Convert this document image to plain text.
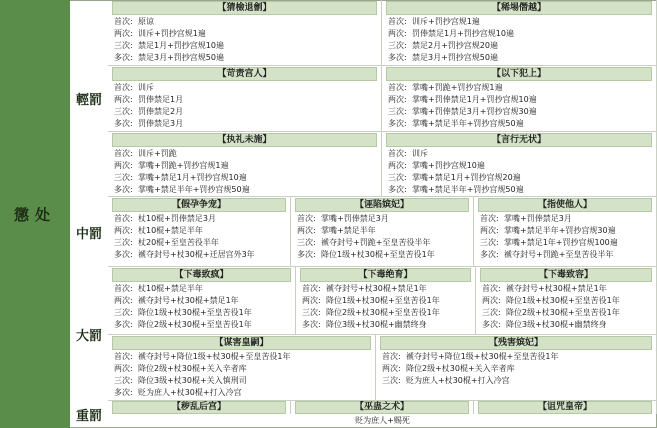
懲处
輕罰
中罰
大罰
重罰
【猜檢退劊】
首次: 原谅
两次: 训斥+罚抄宫规1遍
三次: 禁足1月+罚抄宫规10遍
多次: 禁足3月+罚抄宫规50遍
【稀埸僭越】
首次: 训斥+罚抄宫规1遍
两次: 罚俸禁足1月+罚抄宫规10遍
三次: 禁足2月+罚抄宫规20遍
多次: 禁足3月+罚抄宫规50遍
【苛责宫人】
首次: 训斥
两次: 罚俸禁足1月
三次: 罚俸禁足2月
多次: 罚俸禁足3月
【以下犯上】
首次: 掌嘴+罚跪+罚抄宫规1遍
两次: 掌嘴+罚俸禁足1月+罚抄宫规10遍
三次: 掌嘴+罚俸禁足3月+罚抄宫规30遍
多次: 掌嘴+禁足半年+罚抄宫规50遍
【执礼未施】
首次: 训斥+罚跪
两次: 掌嘴+罚跪+罚抄宫规1遍
三次: 掌嘴+禁足1月+罚抄宫规10遍
多次: 掌嘴+禁足半年+罚抄宫规50遍
【言行无状】
首次: 训斥
两次: 掌嘴+罚抄宫规10遍
三次: 掌嘴+禁足1月+罚抄宫规20遍
多次: 掌嘴+禁足半年+罚抄宫规50遍
【假孕争宠】
首次: 杖10棍+罚俸禁足3月
两次: 杖10棍+禁足半年
三次: 杖20棍+至皇苦役半年
多次: 褫夺封号+杖30棍+迁居宫外3年
【诬陷嫔妃】
首次: 掌嘴+罚俸禁足3月
两次: 掌嘴+禁足半年
三次: 褫夺封号+罚跪+至皇苦役半年
多次: 降位1级+杖30棍+至皇苦役1年
【指使他人】
首次: 掌嘴+罚俸禁足3月
两次: 掌嘴+禁足半年+罚抄宫规30遍
三次: 掌嘴+禁足1年+罚抄宫规100遍
多次: 褫夺封号+罚跪+至皇苦役半年
【下毒致疯】
首次: 杖10棍+禁足半年
两次: 褫夺封号+杖30棍+禁足1年
三次: 降位1级+杖30棍+至皇苦役1年
多次: 降位2级+杖30棍+至皇苦役1年
【下毒绝育】
首次: 褫夺封号+杖30棍+禁足1年
两次: 降位1级+杖30棍+至皇苦役1年
三次: 降位2级+杖30棍+至皇苦役1年
多次: 降位3级+杖30棍+幽禁终身
【下毒致容】
首次: 褫夺封号+杖30棍+禁足1年
两次: 降位1级+杖30棍+至皇苦役1年
三次: 降位2级+杖30棍+至皇苦役1年
多次: 降位3级+杖30棍+幽禁终身
【谋害皇嗣】
首次: 褫夺封号+降位1级+杖30棍+至皇苦役1年
两次: 降位2级+杖30棍+关入辛者库
三次: 降位3级+杖30棍+关入慎刑司
多次: 贬为庶人+杖30棍+打入冷宫
【残害嫔妃】
首次: 褫夺封号+降位1级+杖30棍+至皇苦役1年
两次: 降位2级+杖30棍+关入辛者库
三次: 贬为庶人+杖30棍+打入冷宫
【秽乱后宫】	【巫蛊之术】	【诅咒皇帝】
贬为庶人+赐死
